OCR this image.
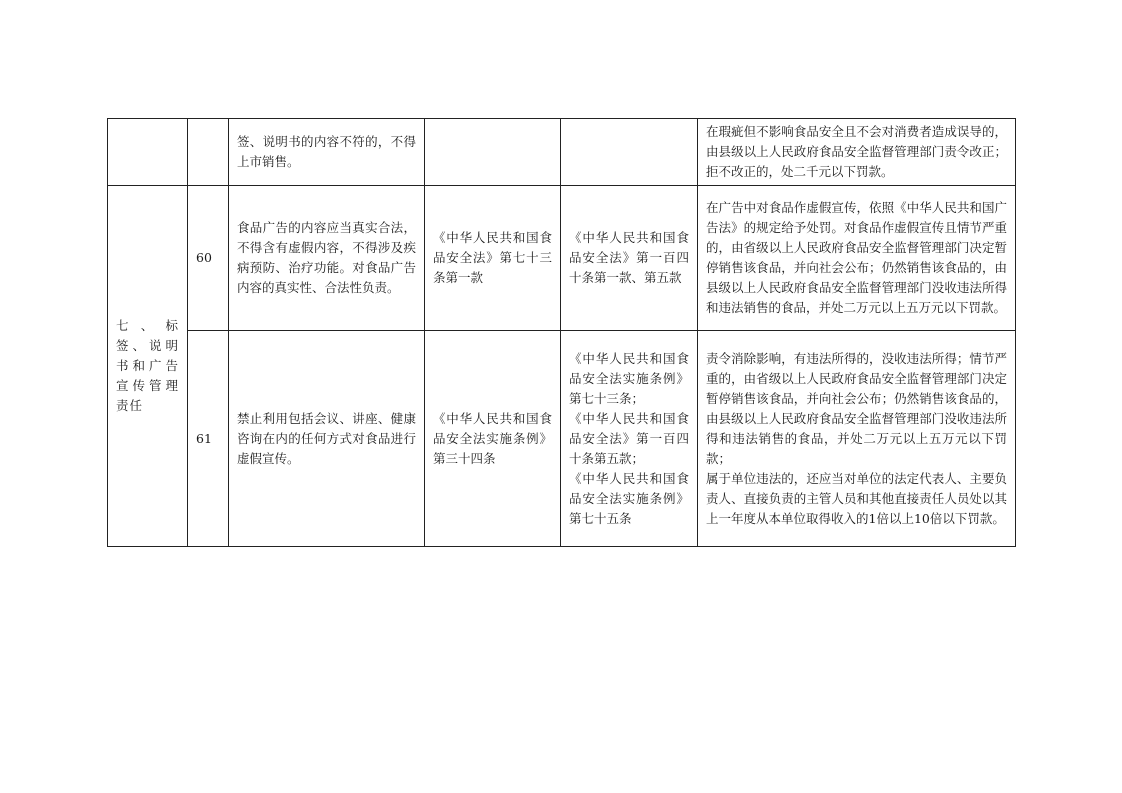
		签、说明书的内容不符的，不得上市销售。			在瑕疵但不影响食品安全且不会对消费者造成误导的，由县级以上人民政府食品安全监督管理部门责令改正；拒不改正的，处二千元以下罚款。
七、标签、说明书和广告宣传管理责任	60	食品广告的内容应当真实合法，不得含有虚假内容，不得涉及疾病预防、治疗功能。对食品广告内容的真实性、合法性负责。	《中华人民共和国食品安全法》第七十三条第一款	《中华人民共和国食品安全法》第一百四十条第一款、第五款	在广告中对食品作虚假宣传，依照《中华人民共和国广告法》的规定给予处罚。对食品作虚假宣传且情节严重的，由省级以上人民政府食品安全监督管理部门决定暂停销售该食品，并向社会公布；仍然销售该食品的，由县级以上人民政府食品安全监督管理部门没收违法所得和违法销售的食品，并处二万元以上五万元以下罚款。
	61	禁止利用包括会议、讲座、健康咨询在内的任何方式对食品进行虚假宣传。	《中华人民共和国食品安全法实施条例》第三十四条	《中华人民共和国食品安全法实施条例》第七十三条；
《中华人民共和国食品安全法》第一百四十条第五款；
《中华人民共和国食品安全法实施条例》第七十五条	责令消除影响，有违法所得的，没收违法所得；情节严重的，由省级以上人民政府食品安全监督管理部门决定暂停销售该食品，并向社会公布；仍然销售该食品的，由县级以上人民政府食品安全监督管理部门没收违法所得和违法销售的食品，并处二万元以上五万元以下罚款；
属于单位违法的，还应当对单位的法定代表人、主要负责人、直接负责的主管人员和其他直接责任人员处以其上一年度从本单位取得收入的1倍以上10倍以下罚款。
